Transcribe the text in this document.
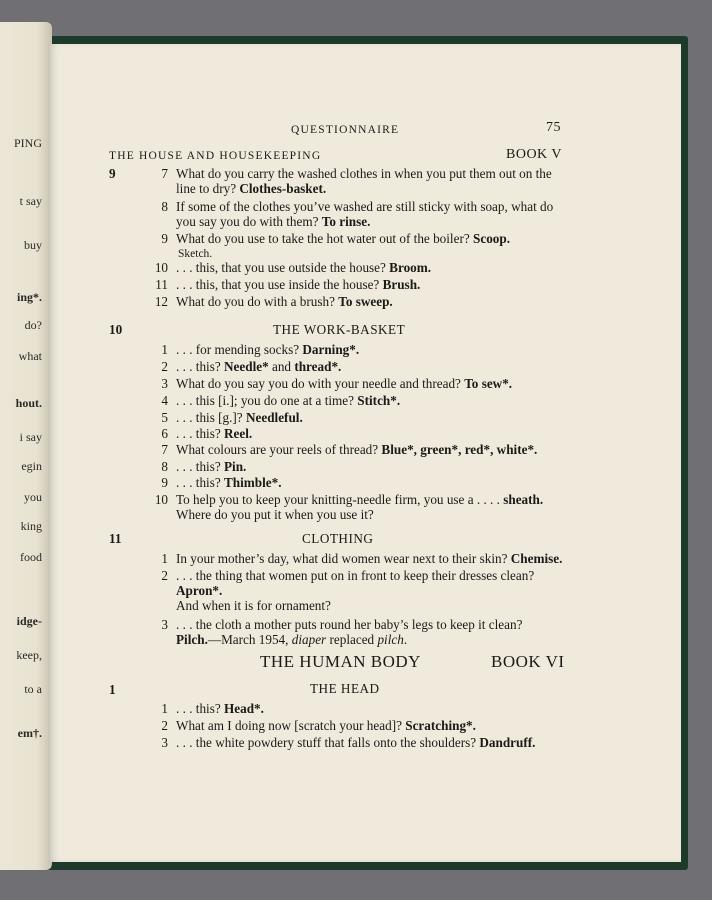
PING
t say
buy
ing*.
do?
what
hout.
i say
egin
you
king
food
idge-
keep,
to a
em†.
QUESTIONNAIRE	75
THE HOUSE AND HOUSEKEEPING	BOOK V
9	7 What do you carry the washed clothes in when you put them out on the
line to dry? Clothes-basket.
8 If some of the clothes you’ve washed are still sticky with soap, what do
you say you do with them? To rinse.
9 What do you use to take the hot water out of the boiler? Scoop.
Sketch.
10 . . . this, that you use outside the house? Broom.
11 . . . this, that you use inside the house? Brush.
12 What do you do with a brush? To sweep.
10	THE WORK-BASKET
1 . . . for mending socks? Darning*.
2 . . . this? Needle* and thread*.
3 What do you say you do with your needle and thread? To sew*.
4 . . . this [i.]; you do one at a time? Stitch*.
5 . . . this [g.]? Needleful.
6 . . . this? Reel.
7 What colours are your reels of thread? Blue*, green*, red*, white*.
8 . . . this? Pin.
9 . . . this? Thimble*.
10 To help you to keep your knitting-needle firm, you use a . . . . sheath.
Where do you put it when you use it?
11	CLOTHING
1 In your mother’s day, what did women wear next to their skin? Chemise.
2 . . . the thing that women put on in front to keep their dresses clean?
Apron*.
And when it is for ornament?
3 . . . the cloth a mother puts round her baby’s legs to keep it clean?
Pilch.—March 1954, diaper replaced pilch.
THE HUMAN BODY	BOOK VI
1	THE HEAD
1 . . . this? Head*.
2 What am I doing now [scratch your head]? Scratching*.
3 . . . the white powdery stuff that falls onto the shoulders? Dandruff.
